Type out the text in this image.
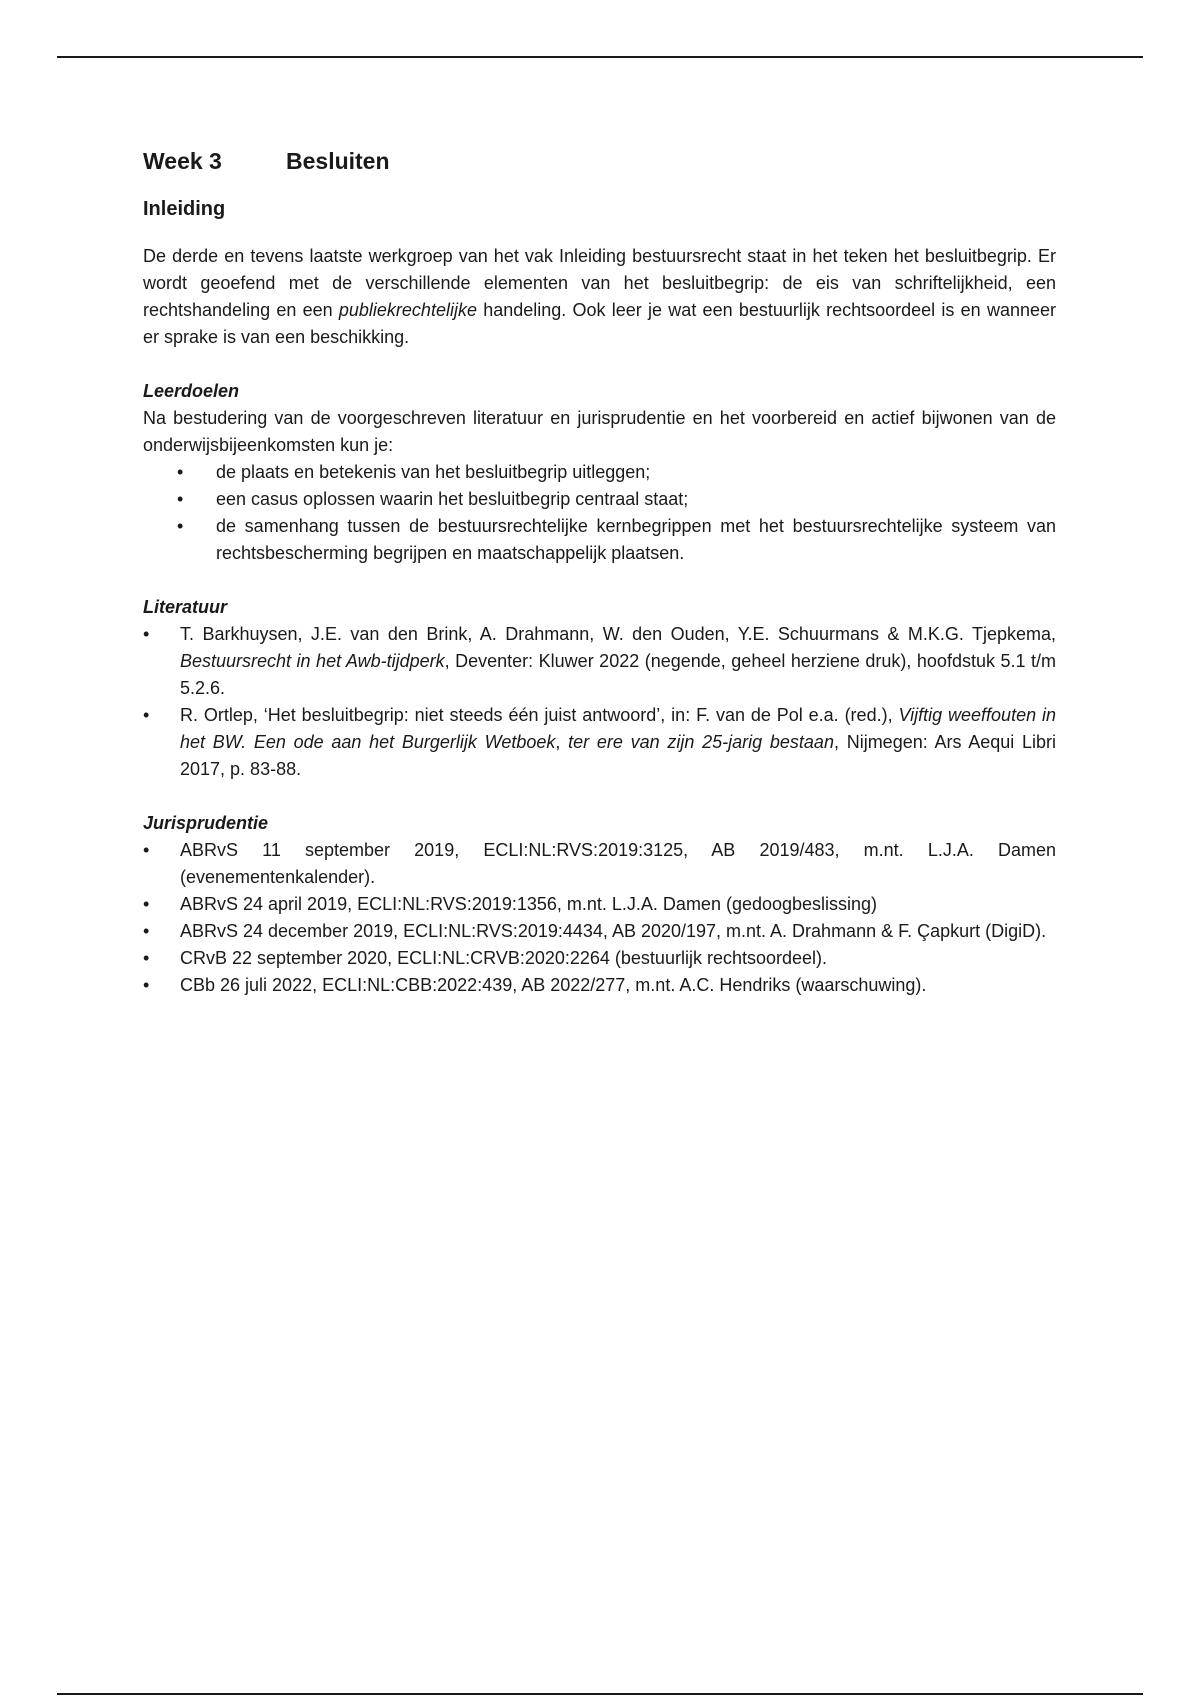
Week 3	Besluiten
Inleiding

De derde en tevens laatste werkgroep van het vak Inleiding bestuursrecht staat in het teken het besluitbegrip. Er wordt geoefend met de verschillende elementen van het besluitbegrip: de eis van schriftelijkheid, een rechtshandeling en een publiekrechtelijke handeling. Ook leer je wat een bestuurlijk rechtsoordeel is en wanneer er sprake is van een beschikking.

Leerdoelen

Na bestudering van de voorgeschreven literatuur en jurisprudentie en het voorbereid en actief bijwonen van de onderwijsbijeenkomsten kun je:

• de plaats en betekenis van het besluitbegrip uitleggen;
• een casus oplossen waarin het besluitbegrip centraal staat;
• de samenhang tussen de bestuursrechtelijke kernbegrippen met het bestuursrechtelijke systeem van rechtsbescherming begrijpen en maatschappelijk plaatsen.

Literatuur

• T. Barkhuysen, J.E. van den Brink, A. Drahmann, W. den Ouden, Y.E. Schuurmans & M.K.G. Tjepkema, Bestuursrecht in het Awb-tijdperk, Deventer: Kluwer 2022 (negende, geheel herziene druk), hoofdstuk 5.1 t/m 5.2.6.
• R. Ortlep, ‘Het besluitbegrip: niet steeds één juist antwoord’, in: F. van de Pol e.a. (red.), Vijftig weeffouten in het BW. Een ode aan het Burgerlijk Wetboek, ter ere van zijn 25-jarig bestaan, Nijmegen: Ars Aequi Libri 2017, p. 83-88.

Jurisprudentie

• ABRvS 11 september 2019, ECLI:NL:RVS:2019:3125, AB 2019/483, m.nt. L.J.A. Damen (evenementenkalender).
• ABRvS 24 april 2019, ECLI:NL:RVS:2019:1356, m.nt. L.J.A. Damen (gedoogbeslissing)
• ABRvS 24 december 2019, ECLI:NL:RVS:2019:4434, AB 2020/197, m.nt. A. Drahmann & F. Çapkurt (DigiD).
• CRvB 22 september 2020, ECLI:NL:CRVB:2020:2264 (bestuurlijk rechtsoordeel).
• CBb 26 juli 2022, ECLI:NL:CBB:2022:439, AB 2022/277, m.nt. A.C. Hendriks (waarschuwing).
